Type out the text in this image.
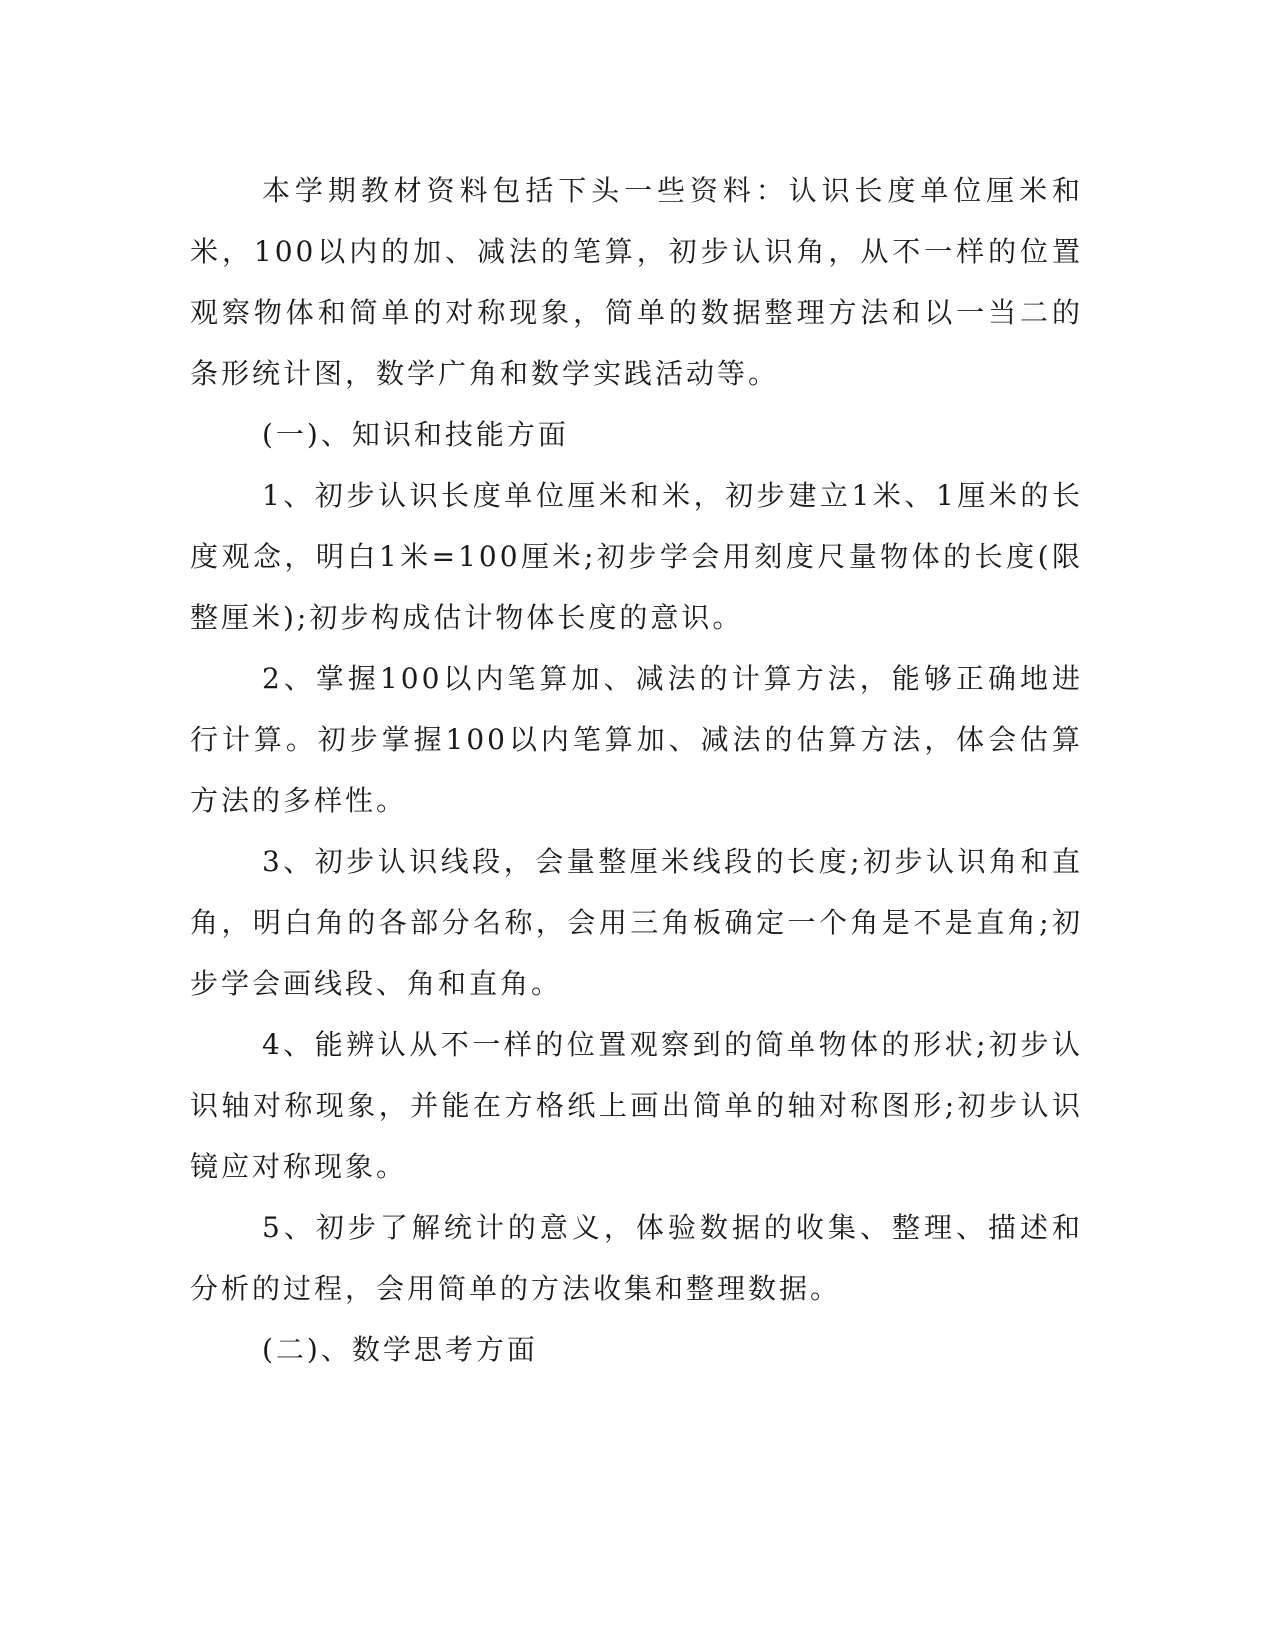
本学期教材资料包括下头一些资料：认识长度单位厘米和米，100以内的加、减法的笔算，初步认识角，从不一样的位置观察物体和简单的对称现象，简单的数据整理方法和以一当二的条形统计图，数学广角和数学实践活动等。

(一)、知识和技能方面

1、初步认识长度单位厘米和米，初步建立1米、1厘米的长度观念，明白1米=100厘米;初步学会用刻度尺量物体的长度(限整厘米);初步构成估计物体长度的意识。

2、掌握100以内笔算加、减法的计算方法，能够正确地进行计算。初步掌握100以内笔算加、减法的估算方法，体会估算方法的多样性。

3、初步认识线段，会量整厘米线段的长度;初步认识角和直角，明白角的各部分名称，会用三角板确定一个角是不是直角;初步学会画线段、角和直角。

4、能辨认从不一样的位置观察到的简单物体的形状;初步认识轴对称现象，并能在方格纸上画出简单的轴对称图形;初步认识镜应对称现象。

5、初步了解统计的意义，体验数据的收集、整理、描述和分析的过程，会用简单的方法收集和整理数据。

(二)、数学思考方面
